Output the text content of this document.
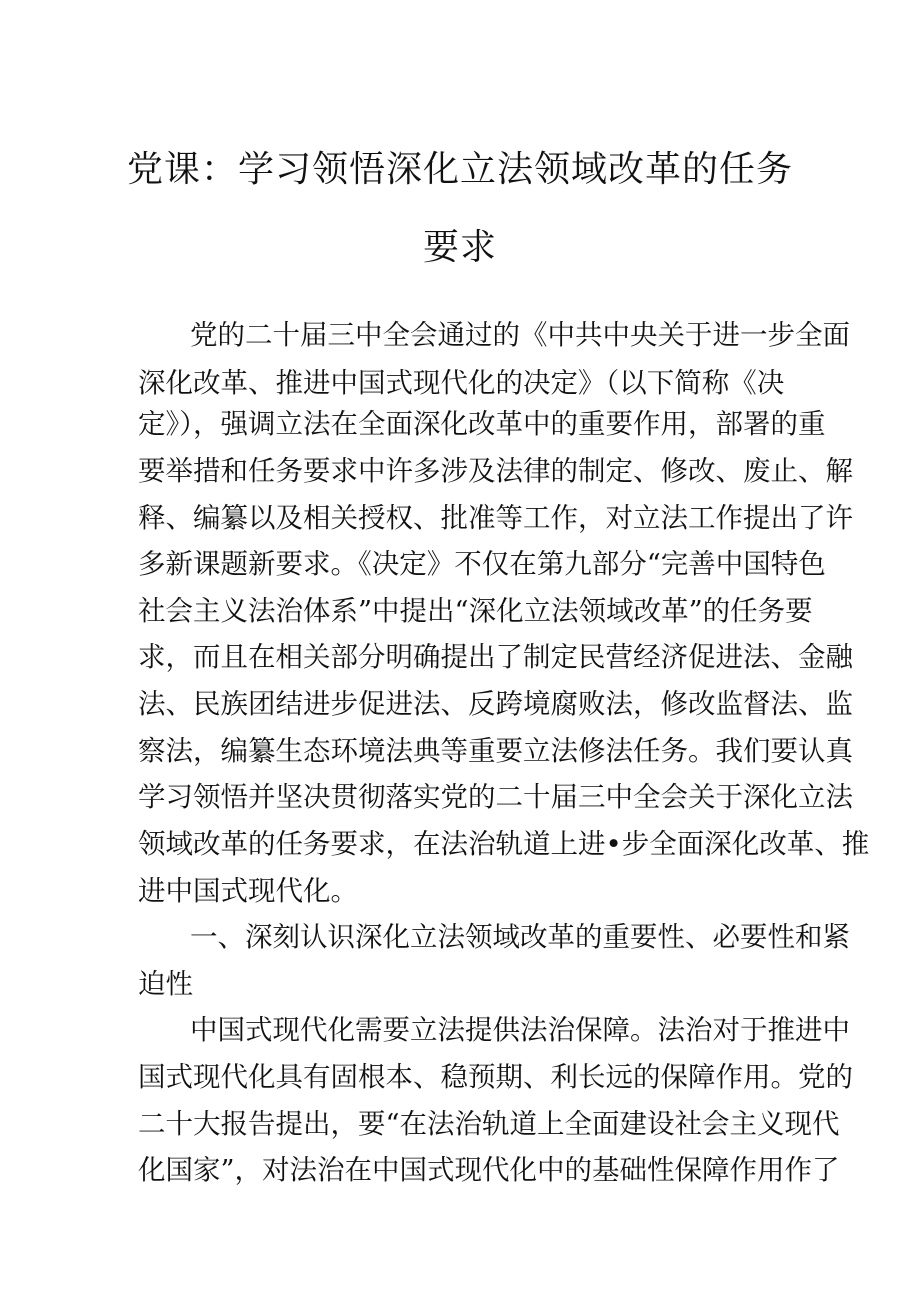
党课：学习领悟深化立法领域改革的任务
要求
党的二十届三中全会通过的《中共中央关于进一步全面
深化改革、推进中国式现代化的决定》（以下简称《决
定》），强调立法在全面深化改革中的重要作用，部署的重
要举措和任务要求中许多涉及法律的制定、修改、废止、解
释、编纂以及相关授权、批准等工作，对立法工作提出了许
多新课题新要求。《决定》不仅在第九部分“完善中国特色
社会主义法治体系”中提出“深化立法领域改革”的任务要
求，而且在相关部分明确提出了制定民营经济促进法、金融
法、民族团结进步促进法、反跨境腐败法，修改监督法、监
察法，编纂生态环境法典等重要立法修法任务。我们要认真
学习领悟并坚决贯彻落实党的二十届三中全会关于深化立法
领域改革的任务要求，在法治轨道上进•步全面深化改革、推
进中国式现代化。
一、深刻认识深化立法领域改革的重要性、必要性和紧
迫性
中国式现代化需要立法提供法治保障。法治对于推进中
国式现代化具有固根本、稳预期、利长远的保障作用。党的
二十大报告提出，要“在法治轨道上全面建设社会主义现代
化国家”，对法治在中国式现代化中的基础性保障作用作了
